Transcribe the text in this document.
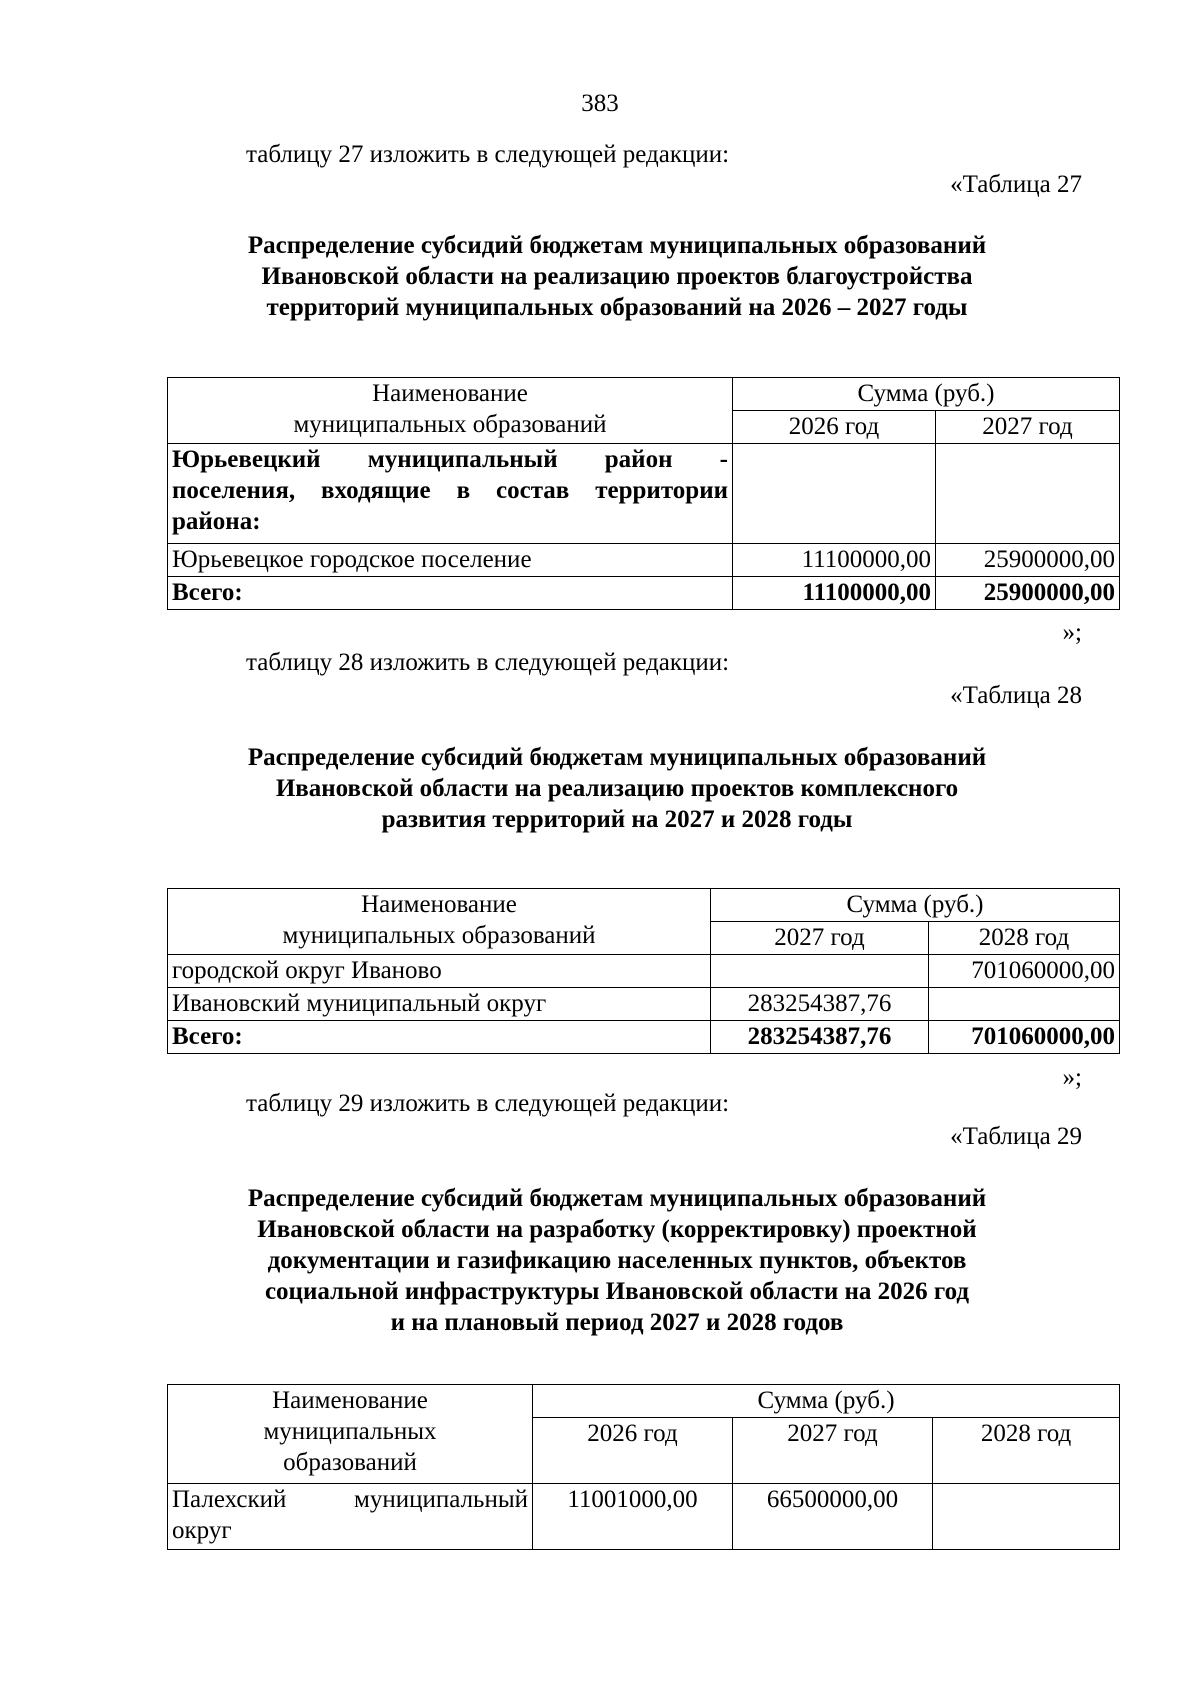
383
таблицу 27 изложить в следующей редакции:
«Таблица 27
Распределение субсидий бюджетам муниципальных образований
Ивановской области на реализацию проектов благоустройства
территорий муниципальных образований на 2026 – 2027 годы
Наименование
муниципальных образований	Сумма (руб.)	
	2026 год	2027 год
Юрьевецкий муниципальный район - поселения, входящие в состав территории района:		
Юрьевецкое городское поселение	11100000,00	25900000,00
Всего:	11100000,00	25900000,00
»;
таблицу 28 изложить в следующей редакции:
«Таблица 28
Распределение субсидий бюджетам муниципальных образований
Ивановской области на реализацию проектов комплексного
развития территорий на 2027 и 2028 годы
Наименование
муниципальных образований	Сумма (руб.)	
	2027 год	2028 год
городской округ Иваново		701060000,00
Ивановский муниципальный округ	283254387,76	
Всего:	283254387,76	701060000,00
»;
таблицу 29 изложить в следующей редакции:
«Таблица 29
Распределение субсидий бюджетам муниципальных образований
Ивановской области на разработку (корректировку) проектной
документации и газификацию населенных пунктов, объектов
социальной инфраструктуры Ивановской области на 2026 год
и на плановый период 2027 и 2028 годов
Наименование
муниципальных
образований	Сумма (руб.)		
	2026 год	2027 год	2028 год
Палехский муниципальный округ	11001000,00	66500000,00	
